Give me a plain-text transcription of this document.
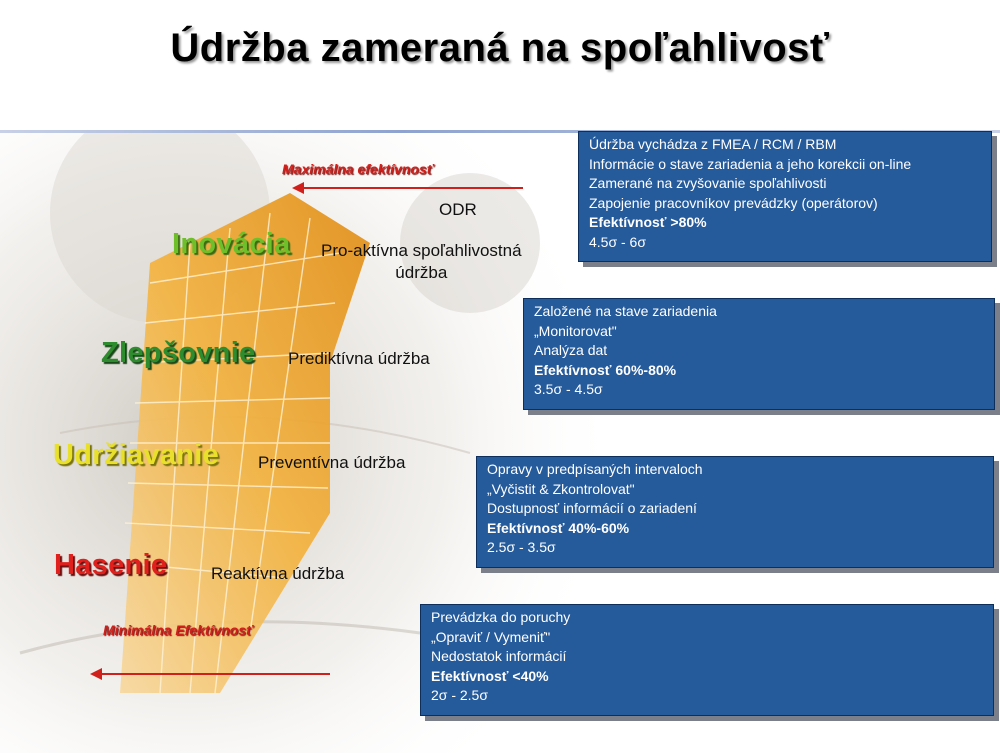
Údržba zameraná na spoľahlivosť
Maximálna efektívnosť
ODR
Minimálna Efektívnosť
Inovácia Pro-aktívna spoľahlivostná
údržba
Zlepšovnie Prediktívna údržba
Udržiavanie Preventívna údržba
Hasenie	Reaktívna údržba
Údržba vychádza z FMEA / RCM / RBM
Informácie o stave zariadenia a jeho korekcii on-line
Zamerané na zvyšovanie spoľahlivosti
Zapojenie pracovníkov prevádzky (operátorov)
Efektívnosť >80%
4.5σ - 6σ
Založené na stave zariadenia
„Monitorovat"
Analýza dat
Efektívnosť 60%-80%
3.5σ - 4.5σ
Opravy v predpísaných intervaloch
„Vyčistit & Zkontrolovat"
Dostupnosť informácií o zariadení
Efektívnosť 40%-60%
2.5σ - 3.5σ
Prevádzka do poruchy
„Opraviť / Vymeniť"
Nedostatok informácií
Efektívnosť <40%
2σ - 2.5σ
